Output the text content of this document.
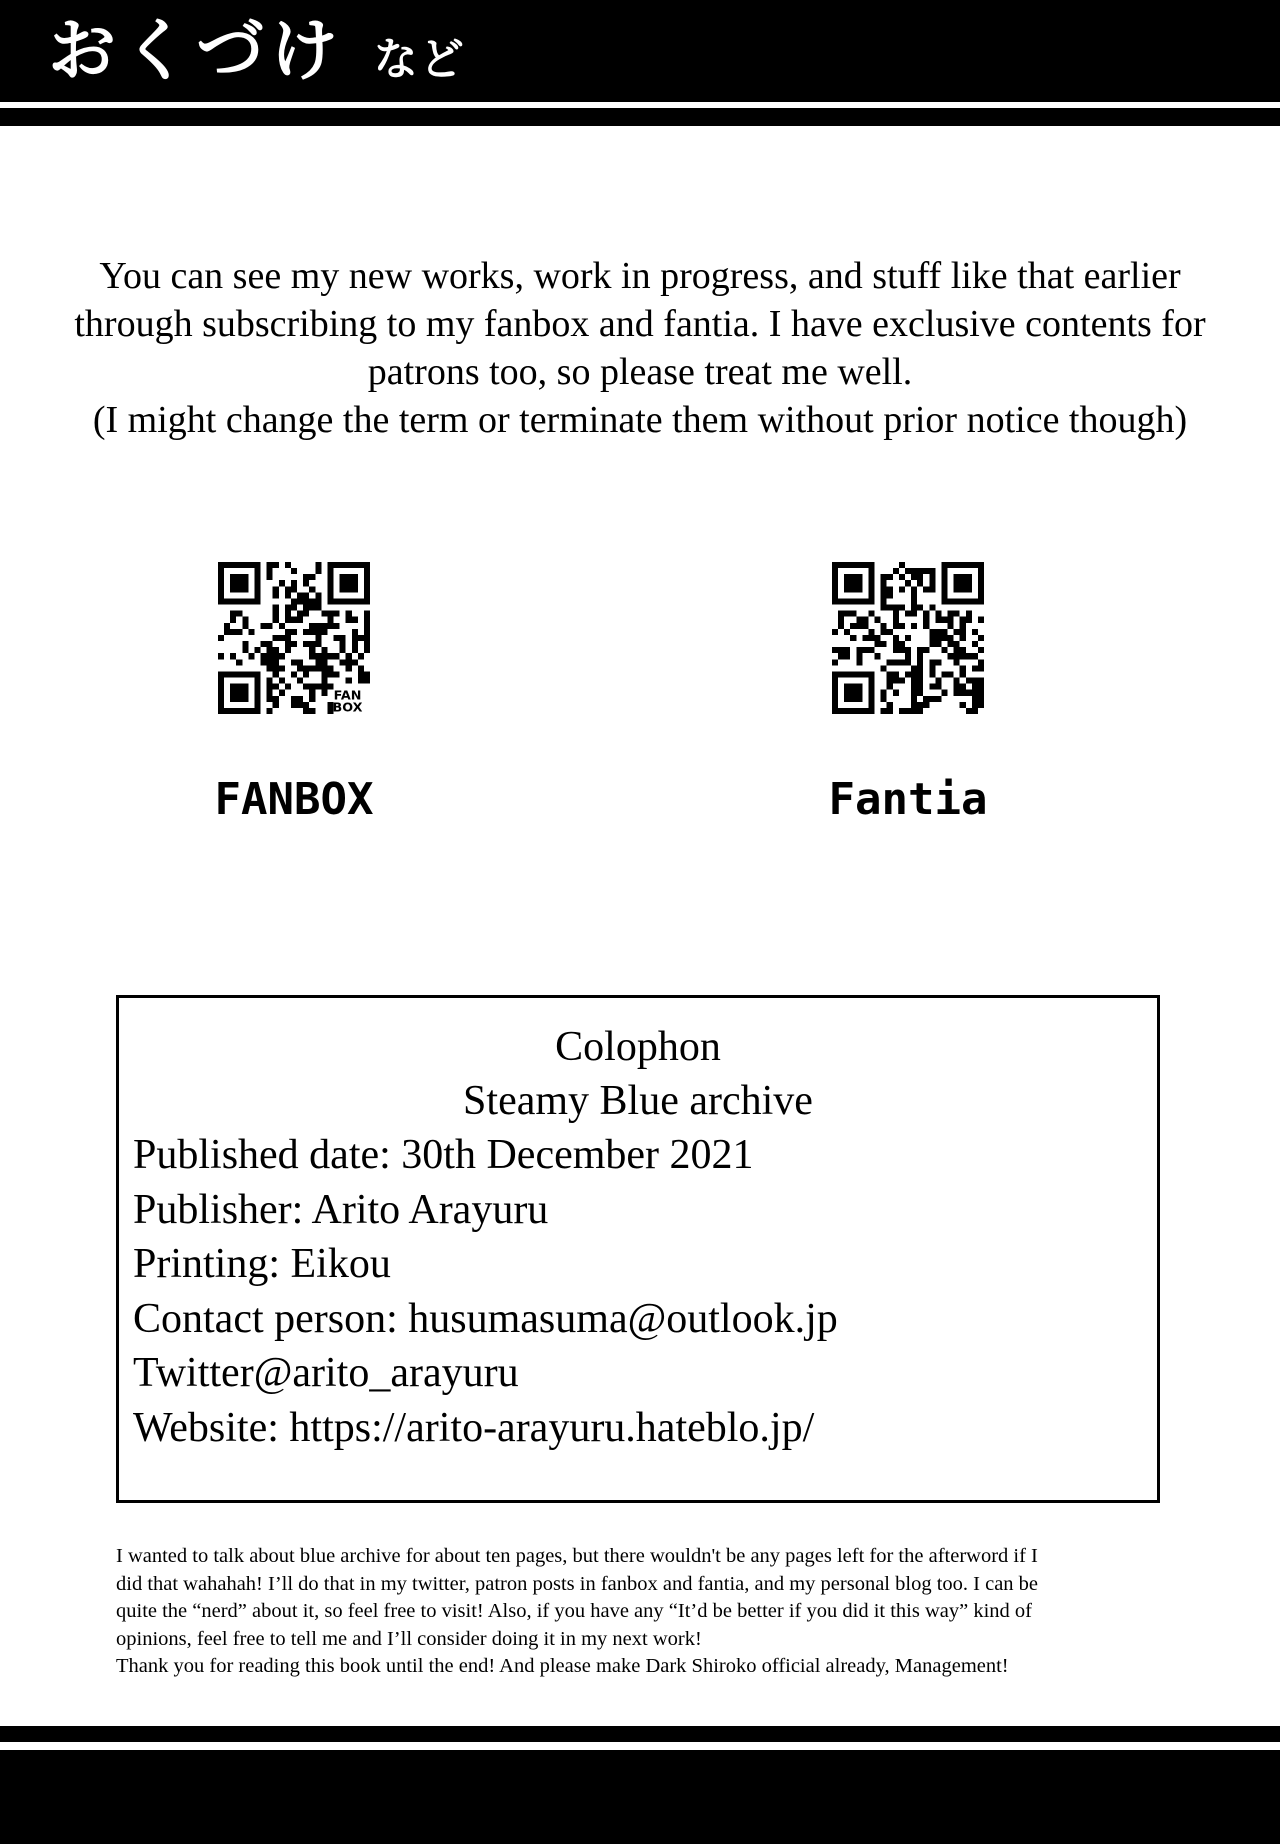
おくづけ など

You can see my new works, work in progress, and stuff like that earlier

through subscribing to my fanbox and fantia. I have exclusive contents for

patrons too, so please treat me well.

(I might change the term or terminate them without prior notice though)

FAN
BOX
FANBOX	Fantia
Colophon
Steamy Blue archive
Published date: 30th December 2021
Publisher: Arito Arayuru
Printing: Eikou
Contact person: husumasuma@outlook.jp
Twitter@arito_arayuru
Website: https://arito-arayuru.hateblo.jp/

I wanted to talk about blue archive for about ten pages, but there wouldn't be any pages left for the afterword if I

did that wahahah! I’ll do that in my twitter, patron posts in fanbox and fantia, and my personal blog too. I can be

quite the “nerd” about it, so feel free to visit! Also, if you have any “It’d be better if you did it this way” kind of

opinions, feel free to tell me and I’ll consider doing it in my next work!

Thank you for reading this book until the end! And please make Dark Shiroko official already, Management!
